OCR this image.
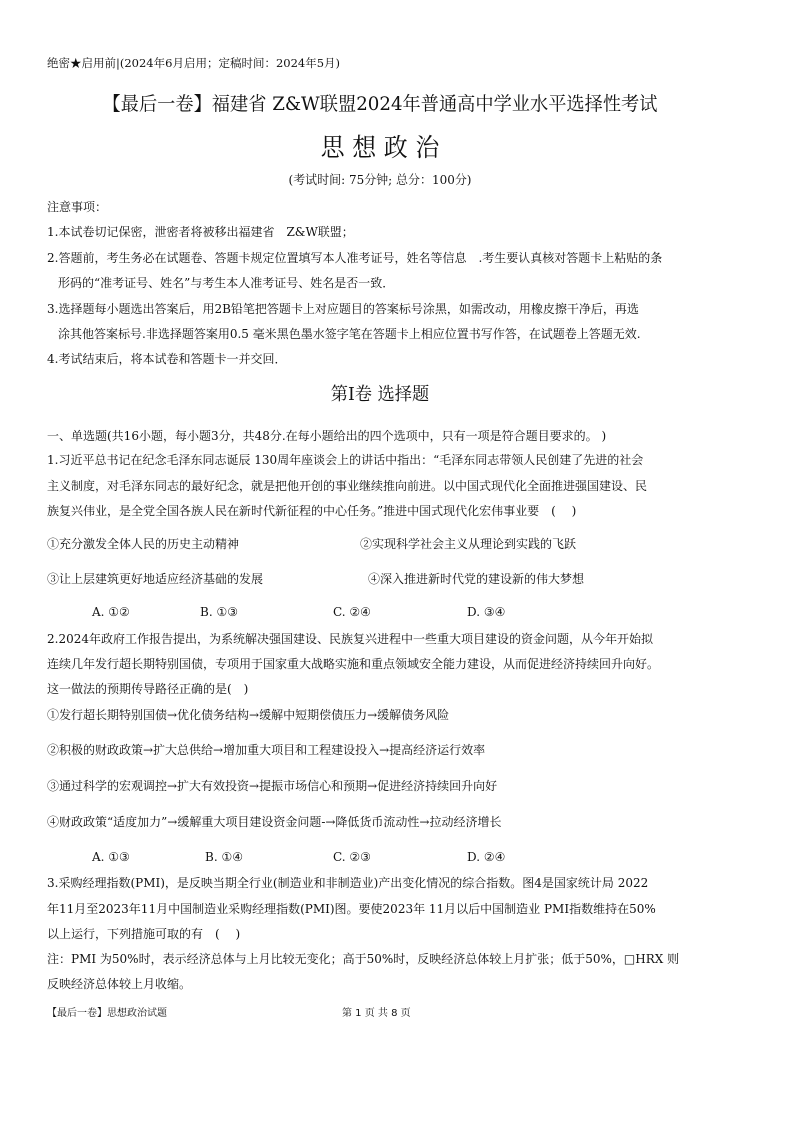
绝密★启用前|(2024年6月启用；定稿时间：2024年5月)
【最后一卷】福建省 Z&W联盟2024年普通高中学业水平选择性考试
思 想 政 治
(考试时间: 75分钟; 总分：100分)
注意事项：
1.本试卷切记保密，泄密者将被移出福建省　Z&W联盟；
2.答题前，考生务必在试题卷、答题卡规定位置填写本人准考证号，姓名等信息　.考生要认真核对答题卡上粘贴的条
形码的“准考证号、姓名”与考生本人准考证号、姓名是否一致．
3.选择题每小题选出答案后，用2B铅笔把答题卡上对应题目的答案标号涂黑，如需改动，用橡皮擦干净后，再选
涂其他答案标号.非选择题答案用0.5 毫米黑色墨水签字笔在答题卡上相应位置书写作答，在试题卷上答题无效.
4.考试结束后，将本试卷和答题卡一并交回．
第Ⅰ卷 选择题
一、单选题(共16小题，每小题3分，共48分.在每小题给出的四个选项中，只有一项是符合题目要求的。 )
1.习近平总书记在纪念毛泽东同志诞辰 130周年座谈会上的讲话中指出：“毛泽东同志带领人民创建了先进的社会
主义制度，对毛泽东同志的最好纪念，就是把他开创的事业继续推向前进。以中国式现代化全面推进强国建设、民
族复兴伟业，是全党全国各族人民在新时代新征程的中心任务。”推进中国式现代化宏伟事业要　(　 )
①充分激发全体人民的历史主动精神	②实现科学社会主义从理论到实践的飞跃
③让上层建筑更好地适应经济基础的发展	④深入推进新时代党的建设新的伟大梦想
A. ①②	B. ①③	C. ②④	D. ③④
2.2024年政府工作报告提出，为系统解决强国建设、民族复兴进程中一些重大项目建设的资金问题，从今年开始拟
连续几年发行超长期特别国债，专项用于国家重大战略实施和重点领域安全能力建设，从而促进经济持续回升向好。
这一做法的预期传导路径正确的是(　)
①发行超长期特别国债→优化债务结构→缓解中短期偿债压力→缓解债务风险
②积极的财政政策→扩大总供给→增加重大项目和工程建设投入→提高经济运行效率
③通过科学的宏观调控→扩大有效投资→提振市场信心和预期→促进经济持续回升向好
④财政政策“适度加力”→缓解重大项目建设资金问题-→降低货币流动性→拉动经济增长
A. ①③	B. ①④	C. ②③	D. ②④
3.采购经理指数(PMI)，是反映当期全行业(制造业和非制造业)产出变化情况的综合指数。图4是国家统计局 2022
年11月至2023年11月中国制造业采购经理指数(PMI)图。要使2023年 11月以后中国制造业 PMI指数维持在50%
以上运行，下列措施可取的有　(　 )
注：PMI 为50%时，表示经济总体与上月比较无变化；高于50%时，反映经济总体较上月扩张；低于50%，□HRX 则
反映经济总体较上月收缩。
【最后一卷】思想政治试题	第 1 页 共 8 页
